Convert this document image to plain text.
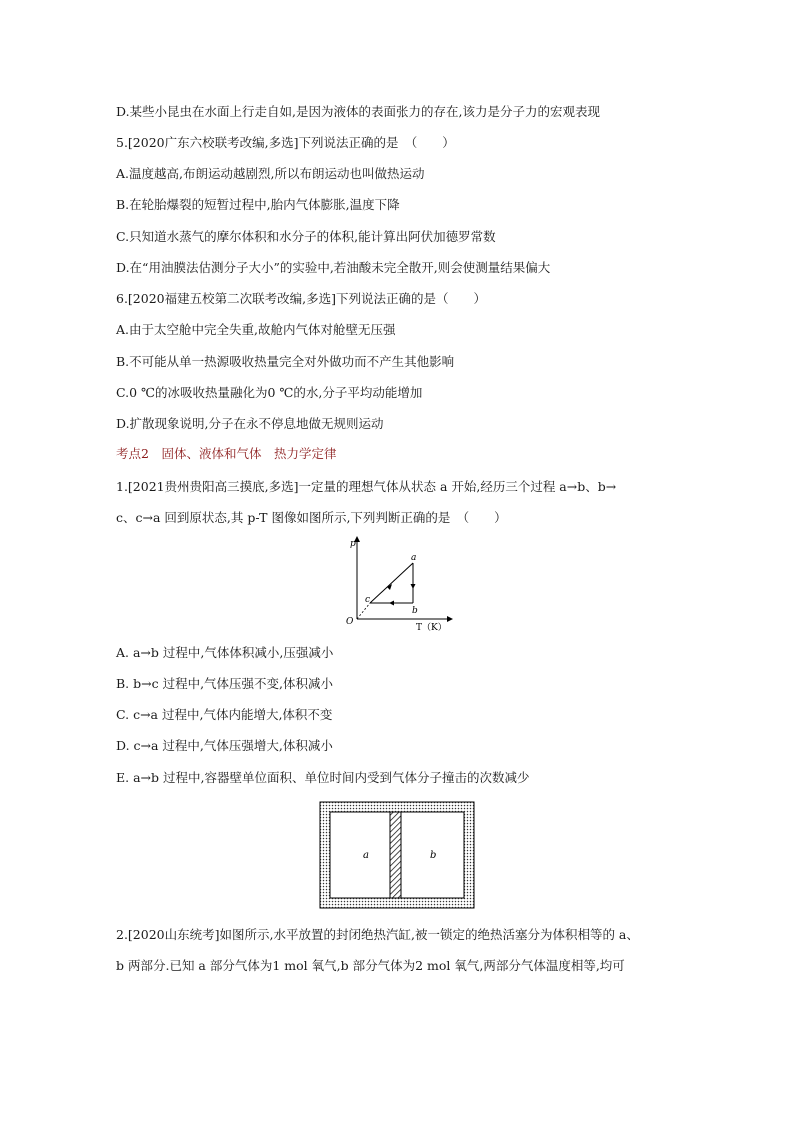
D.某些小昆虫在水面上行走自如,是因为液体的表面张力的存在,该力是分子力的宏观表现
5.[2020广东六校联考改编,多选]下列说法正确的是　（　　）
A.温度越高,布朗运动越剧烈,所以布朗运动也叫做热运动
B.在轮胎爆裂的短暂过程中,胎内气体膨胀,温度下降
C.只知道水蒸气的摩尔体积和水分子的体积,能计算出阿伏加德罗常数
D.在“用油膜法估测分子大小”的实验中,若油酸未完全散开,则会使测量结果偏大
6.[2020福建五校第二次联考改编,多选]下列说法正确的是（　　）
A.由于太空舱中完全失重,故舱内气体对舱壁无压强
B.不可能从单一热源吸收热量完全对外做功而不产生其他影响
C.0 ℃的冰吸收热量融化为0 ℃的水,分子平均动能增加
D.扩散现象说明,分子在永不停息地做无规则运动
考点2　固体、液体和气体　热力学定律
1.[2021贵州贵阳高三摸底,多选]一定量的理想气体从状态 a 开始,经历三个过程 a→b、b→
c、c→a 回到原状态,其 p-T 图像如图所示,下列判断正确的是　（　　）
p
T（K）
O
a
b
c
A. a→b 过程中,气体体积减小,压强减小
B. b→c 过程中,气体压强不变,体积减小
C. c→a 过程中,气体内能增大,体积不变
D. c→a 过程中,气体压强增大,体积减小
E. a→b 过程中,容器壁单位面积、单位时间内受到气体分子撞击的次数减少
a	b
2.[2020山东统考]如图所示,水平放置的封闭绝热汽缸,被一锁定的绝热活塞分为体积相等的 a、
b 两部分.已知 a 部分气体为1 mol 氧气,b 部分气体为2 mol 氧气,两部分气体温度相等,均可
